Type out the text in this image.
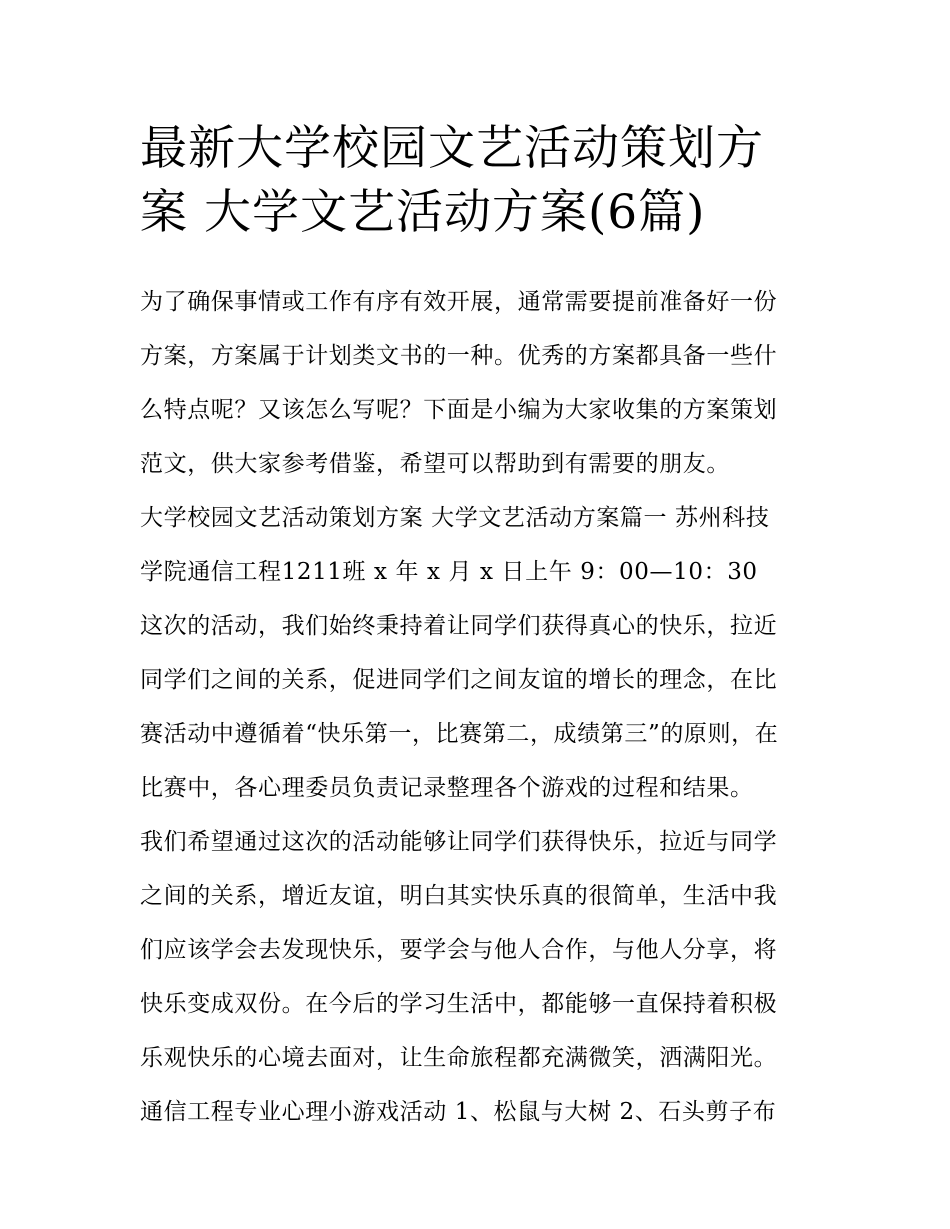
最新大学校园文艺活动策划方
案 大学文艺活动方案(6篇)
为了确保事情或工作有序有效开展，通常需要提前准备好一份
方案，方案属于计划类文书的一种。优秀的方案都具备一些什
么特点呢？又该怎么写呢？下面是小编为大家收集的方案策划
范文，供大家参考借鉴，希望可以帮助到有需要的朋友。
大学校园文艺活动策划方案 大学文艺活动方案篇一 苏州科技
学院通信工程1211班 x 年 x 月 x 日上午 9：00—10：30
这次的活动，我们始终秉持着让同学们获得真心的快乐，拉近
同学们之间的关系，促进同学们之间友谊的增长的理念，在比
赛活动中遵循着“快乐第一，比赛第二，成绩第三”的原则，在
比赛中，各心理委员负责记录整理各个游戏的过程和结果。
我们希望通过这次的活动能够让同学们获得快乐，拉近与同学
之间的关系，增近友谊，明白其实快乐真的很简单，生活中我
们应该学会去发现快乐，要学会与他人合作，与他人分享，将
快乐变成双份。在今后的学习生活中，都能够一直保持着积极
乐观快乐的心境去面对，让生命旅程都充满微笑，洒满阳光。
通信工程专业心理小游戏活动 1、松鼠与大树 2、石头剪子布
